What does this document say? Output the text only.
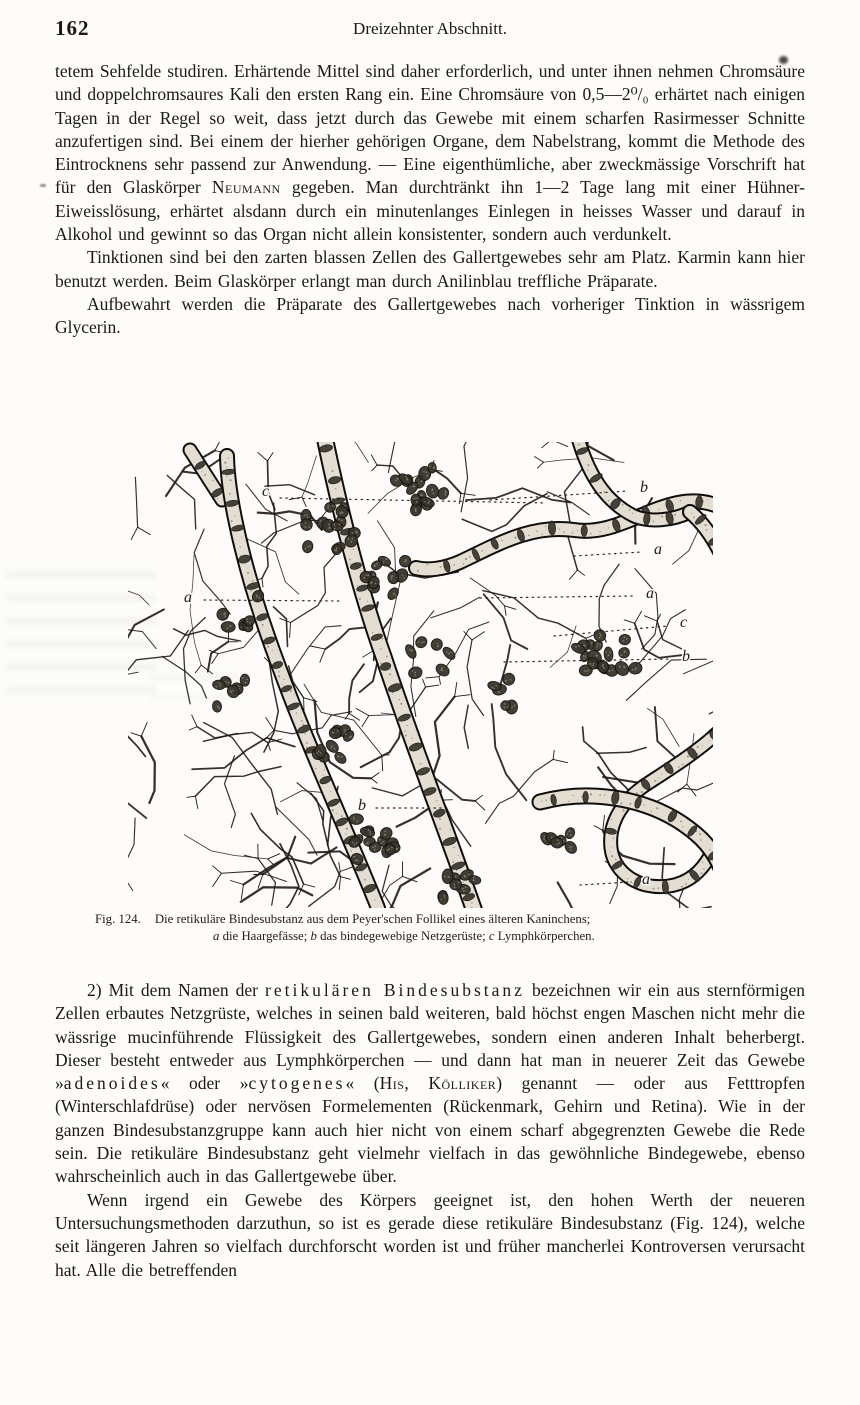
162	Dreizehnter Abschnitt.

tetem Sehfelde studiren. Erhärtende Mittel sind daher erforderlich, und unter ihnen nehmen Chromsäure und doppelchromsaures Kali den ersten Rang ein. Eine Chromsäure von 0,5—2⁰/₀ erhärtet nach einigen Tagen in der Regel so weit, dass jetzt durch das Gewebe mit einem scharfen Rasirmesser Schnitte anzufertigen sind. Bei einem der hierher gehörigen Organe, dem Nabelstrang, kommt die Methode des Eintrocknens sehr passend zur Anwendung. — Eine eigenthümliche, aber zweckmässige Vorschrift hat für den Glaskörper Neumann gegeben. Man durchtränkt ihn 1—2 Tage lang mit einer Hühner-Eiweisslösung, erhärtet alsdann durch ein minutenlanges Einlegen in heisses Wasser und darauf in Alkohol und gewinnt so das Organ nicht allein konsistenter, sondern auch verdunkelt.

Tinktionen sind bei den zarten blassen Zellen des Gallertgewebes sehr am Platz. Karmin kann hier benutzt werden. Beim Glaskörper erlangt man durch Anilinblau treffliche Präparate.

Aufbewahrt werden die Präparate des Gallertgewebes nach vorheriger Tinktion in wässrigem Glycerin.

c	b
a
a
c
b
a
b
a
Fig. 124. Die retikuläre Bindesubstanz aus dem Peyer'schen Follikel eines älteren Kaninchens;
a die Haargefässe; b das bindegewebige Netzgerüste; c Lymphkörperchen.

2) Mit dem Namen der retikulären Bindesubstanz bezeichnen wir ein aus sternförmigen Zellen erbautes Netzgrüste, welches in seinen bald weiteren, bald höchst engen Maschen nicht mehr die wässrige mucinführende Flüssigkeit des Gallertgewebes, sondern einen anderen Inhalt beherbergt. Dieser besteht entweder aus Lymphkörperchen — und dann hat man in neuerer Zeit das Gewebe »adenoides« oder »cytogenes« (His, Kölliker) genannt — oder aus Fetttropfen (Winterschlafdrüse) oder nervösen Formelementen (Rückenmark, Gehirn und Retina). Wie in der ganzen Bindesubstanzgruppe kann auch hier nicht von einem scharf abgegrenzten Gewebe die Rede sein. Die retikuläre Bindesubstanz geht vielmehr vielfach in das gewöhnliche Bindegewebe, ebenso wahrscheinlich auch in das Gallertgewebe über.

Wenn irgend ein Gewebe des Körpers geeignet ist, den hohen Werth der neueren Untersuchungsmethoden darzuthun, so ist es gerade diese retikuläre Bindesubstanz (Fig. 124), welche seit längeren Jahren so vielfach durchforscht worden ist und früher mancherlei Kontroversen verursacht hat. Alle die betreffenden
